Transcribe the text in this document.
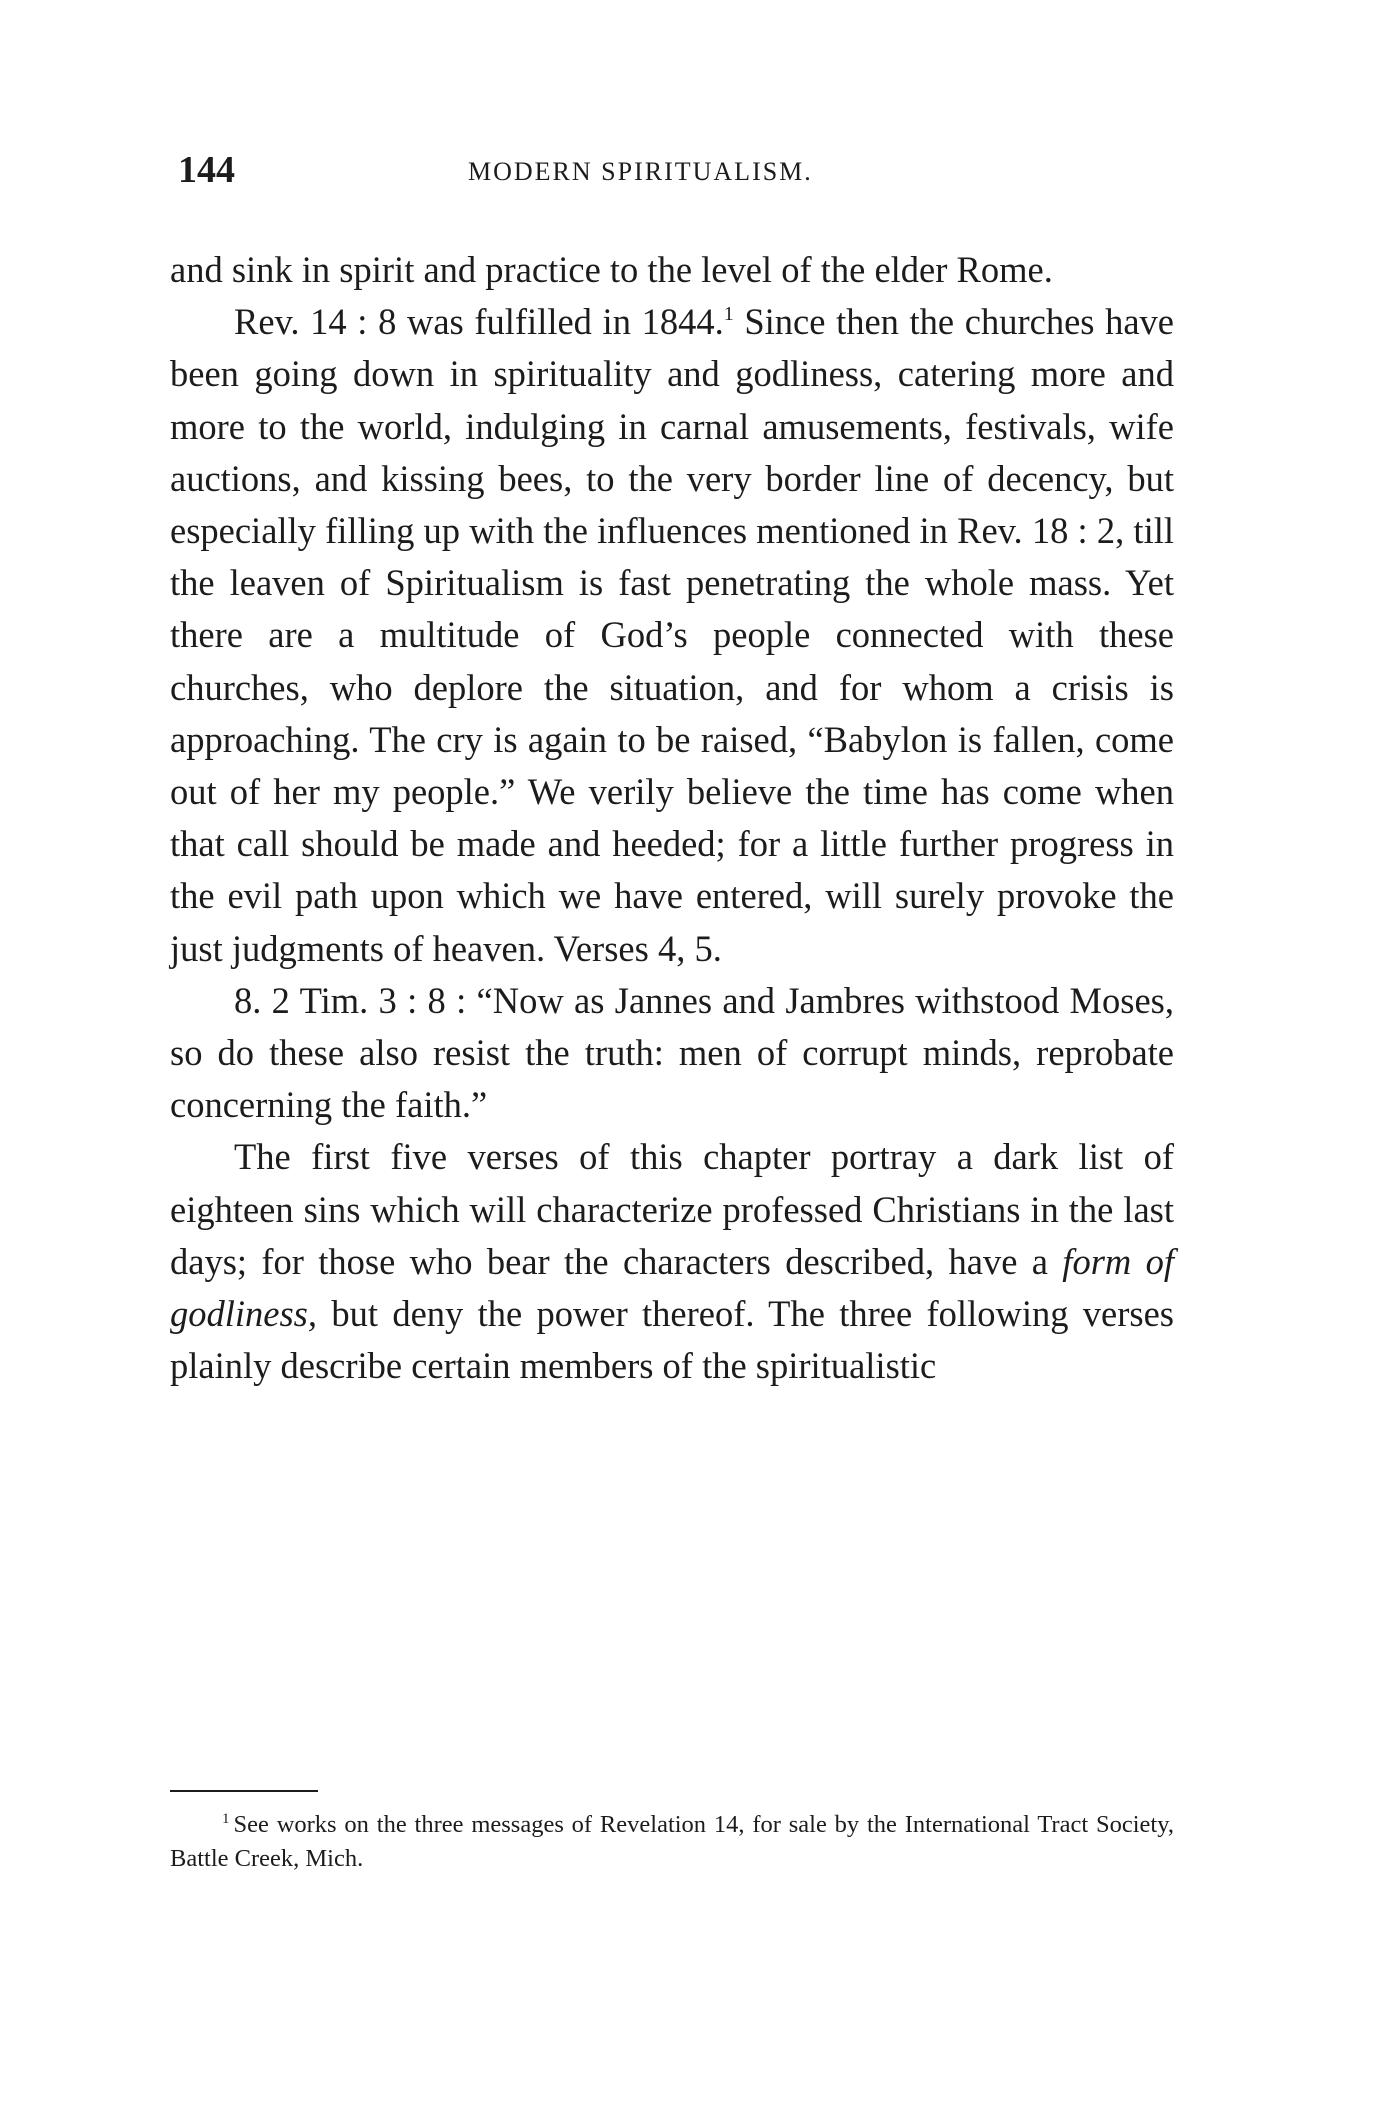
144	MODERN SPIRITUALISM.

and sink in spirit and practice to the level of the elder Rome.

Rev. 14 : 8 was fulfilled in 1844.$^1$ Since then the churches have been going down in spirituality and godliness, catering more and more to the world, indulging in carnal amusements, festivals, wife auctions, and kissing bees, to the very border line of decency, but especially filling up with the influences mentioned in Rev. 18 : 2, till the leaven of Spiritualism is fast penetrating the whole mass. Yet there are a multitude of God’s people connected with these churches, who deplore the situation, and for whom a crisis is approaching. The cry is again to be raised, “Babylon is fallen, come out of her my people.” We verily believe the time has come when that call should be made and heeded; for a little further progress in the evil path upon which we have entered, will surely provoke the just judgments of heaven. Verses 4, 5.

8. 2 Tim. 3 : 8 : “Now as Jannes and Jambres withstood Moses, so do these also resist the truth: men of corrupt minds, reprobate concerning the faith.”

The first five verses of this chapter portray a dark list of eighteen sins which will characterize professed Christians in the last days; for those who bear the characters described, have a form of godliness, but deny the power thereof. The three following verses plainly describe certain members of the spiritualistic

$^1$ See works on the three messages of Revelation 14, for sale by the International Tract Society, Battle Creek, Mich.
